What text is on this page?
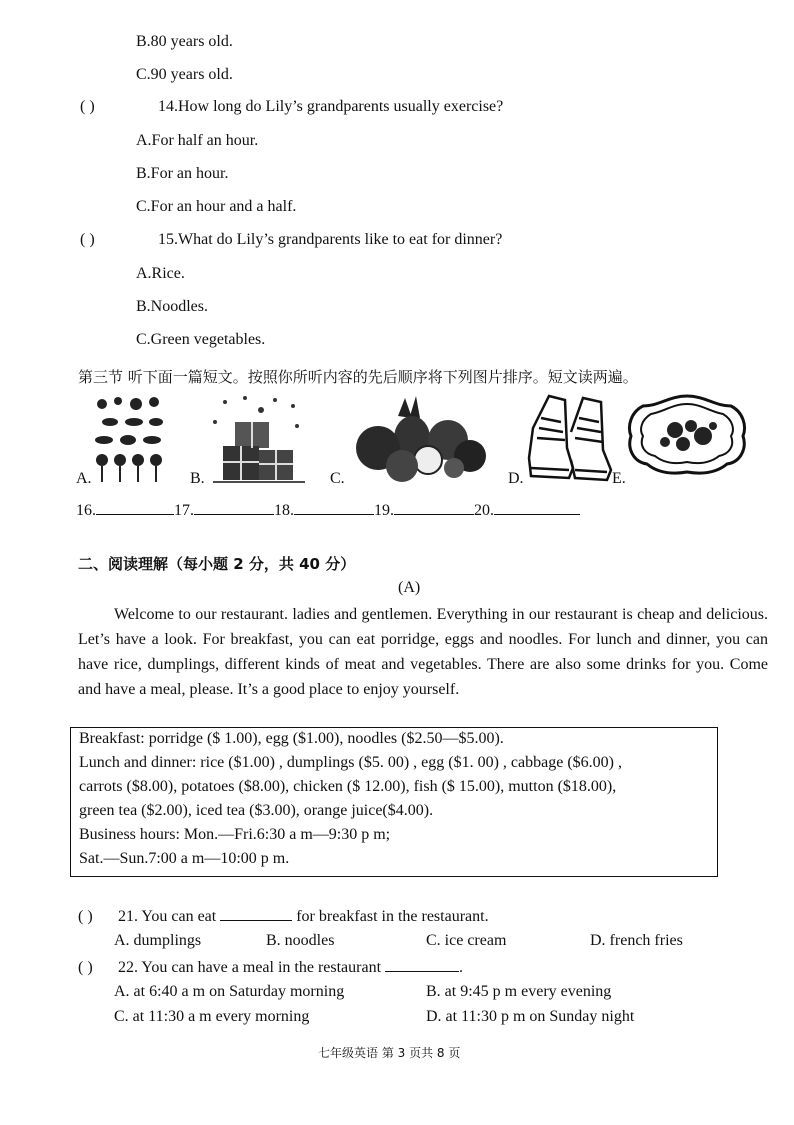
B.80 years old.
C.90 years old.
( )	14.How long do Lily’s grandparents usually exercise?
A.For half an hour.
B.For an hour.
C.For an hour and a half.
( )	15.What do Lily’s grandparents like to eat for dinner?
A.Rice.
B.Noodles.
C.Green vegetables.
第三节 听下面一篇短文。按照你所听内容的先后顺序将下列图片排序。短文读两遍。
A.	B.	C.	D.	E.
16.	17.	18.	19.	20.
二、阅读理解（每小题 2 分，共 40 分）
(A)
Welcome to our restaurant. ladies and gentlemen. Everything in our restaurant is cheap and delicious. Let’s have a look. For breakfast, you can eat porridge, eggs and noodles. For lunch and dinner, you can have rice, dumplings, different kinds of meat and vegetables. There are also some drinks for you. Come and have a meal, please. It’s a good place to enjoy yourself.
Breakfast: porridge ($ 1.00), egg ($1.00), noodles ($2.50—$5.00).
Lunch and dinner: rice ($1.00) , dumplings ($5. 00) , egg ($1. 00) , cabbage ($6.00) ,
carrots ($8.00), potatoes ($8.00), chicken ($ 12.00), fish ($ 15.00), mutton ($18.00),
green tea ($2.00), iced tea ($3.00), orange juice($4.00).
Business hours: Mon.—Fri.6:30 a m—9:30 p m;
Sat.—Sun.7:00 a m—10:00 p m.
( ) 21. You can eat	for breakfast in the restaurant.
A. dumplings	B. noodles	C. ice cream	D. french fries
( ) 22. You can have a meal in the restaurant	.
A. at 6:40 a m on Saturday morning	B. at 9:45 p m every evening
C. at 11:30 a m every morning	D. at 11:30 p m on Sunday night
七年级英语 第 3 页共 8 页
